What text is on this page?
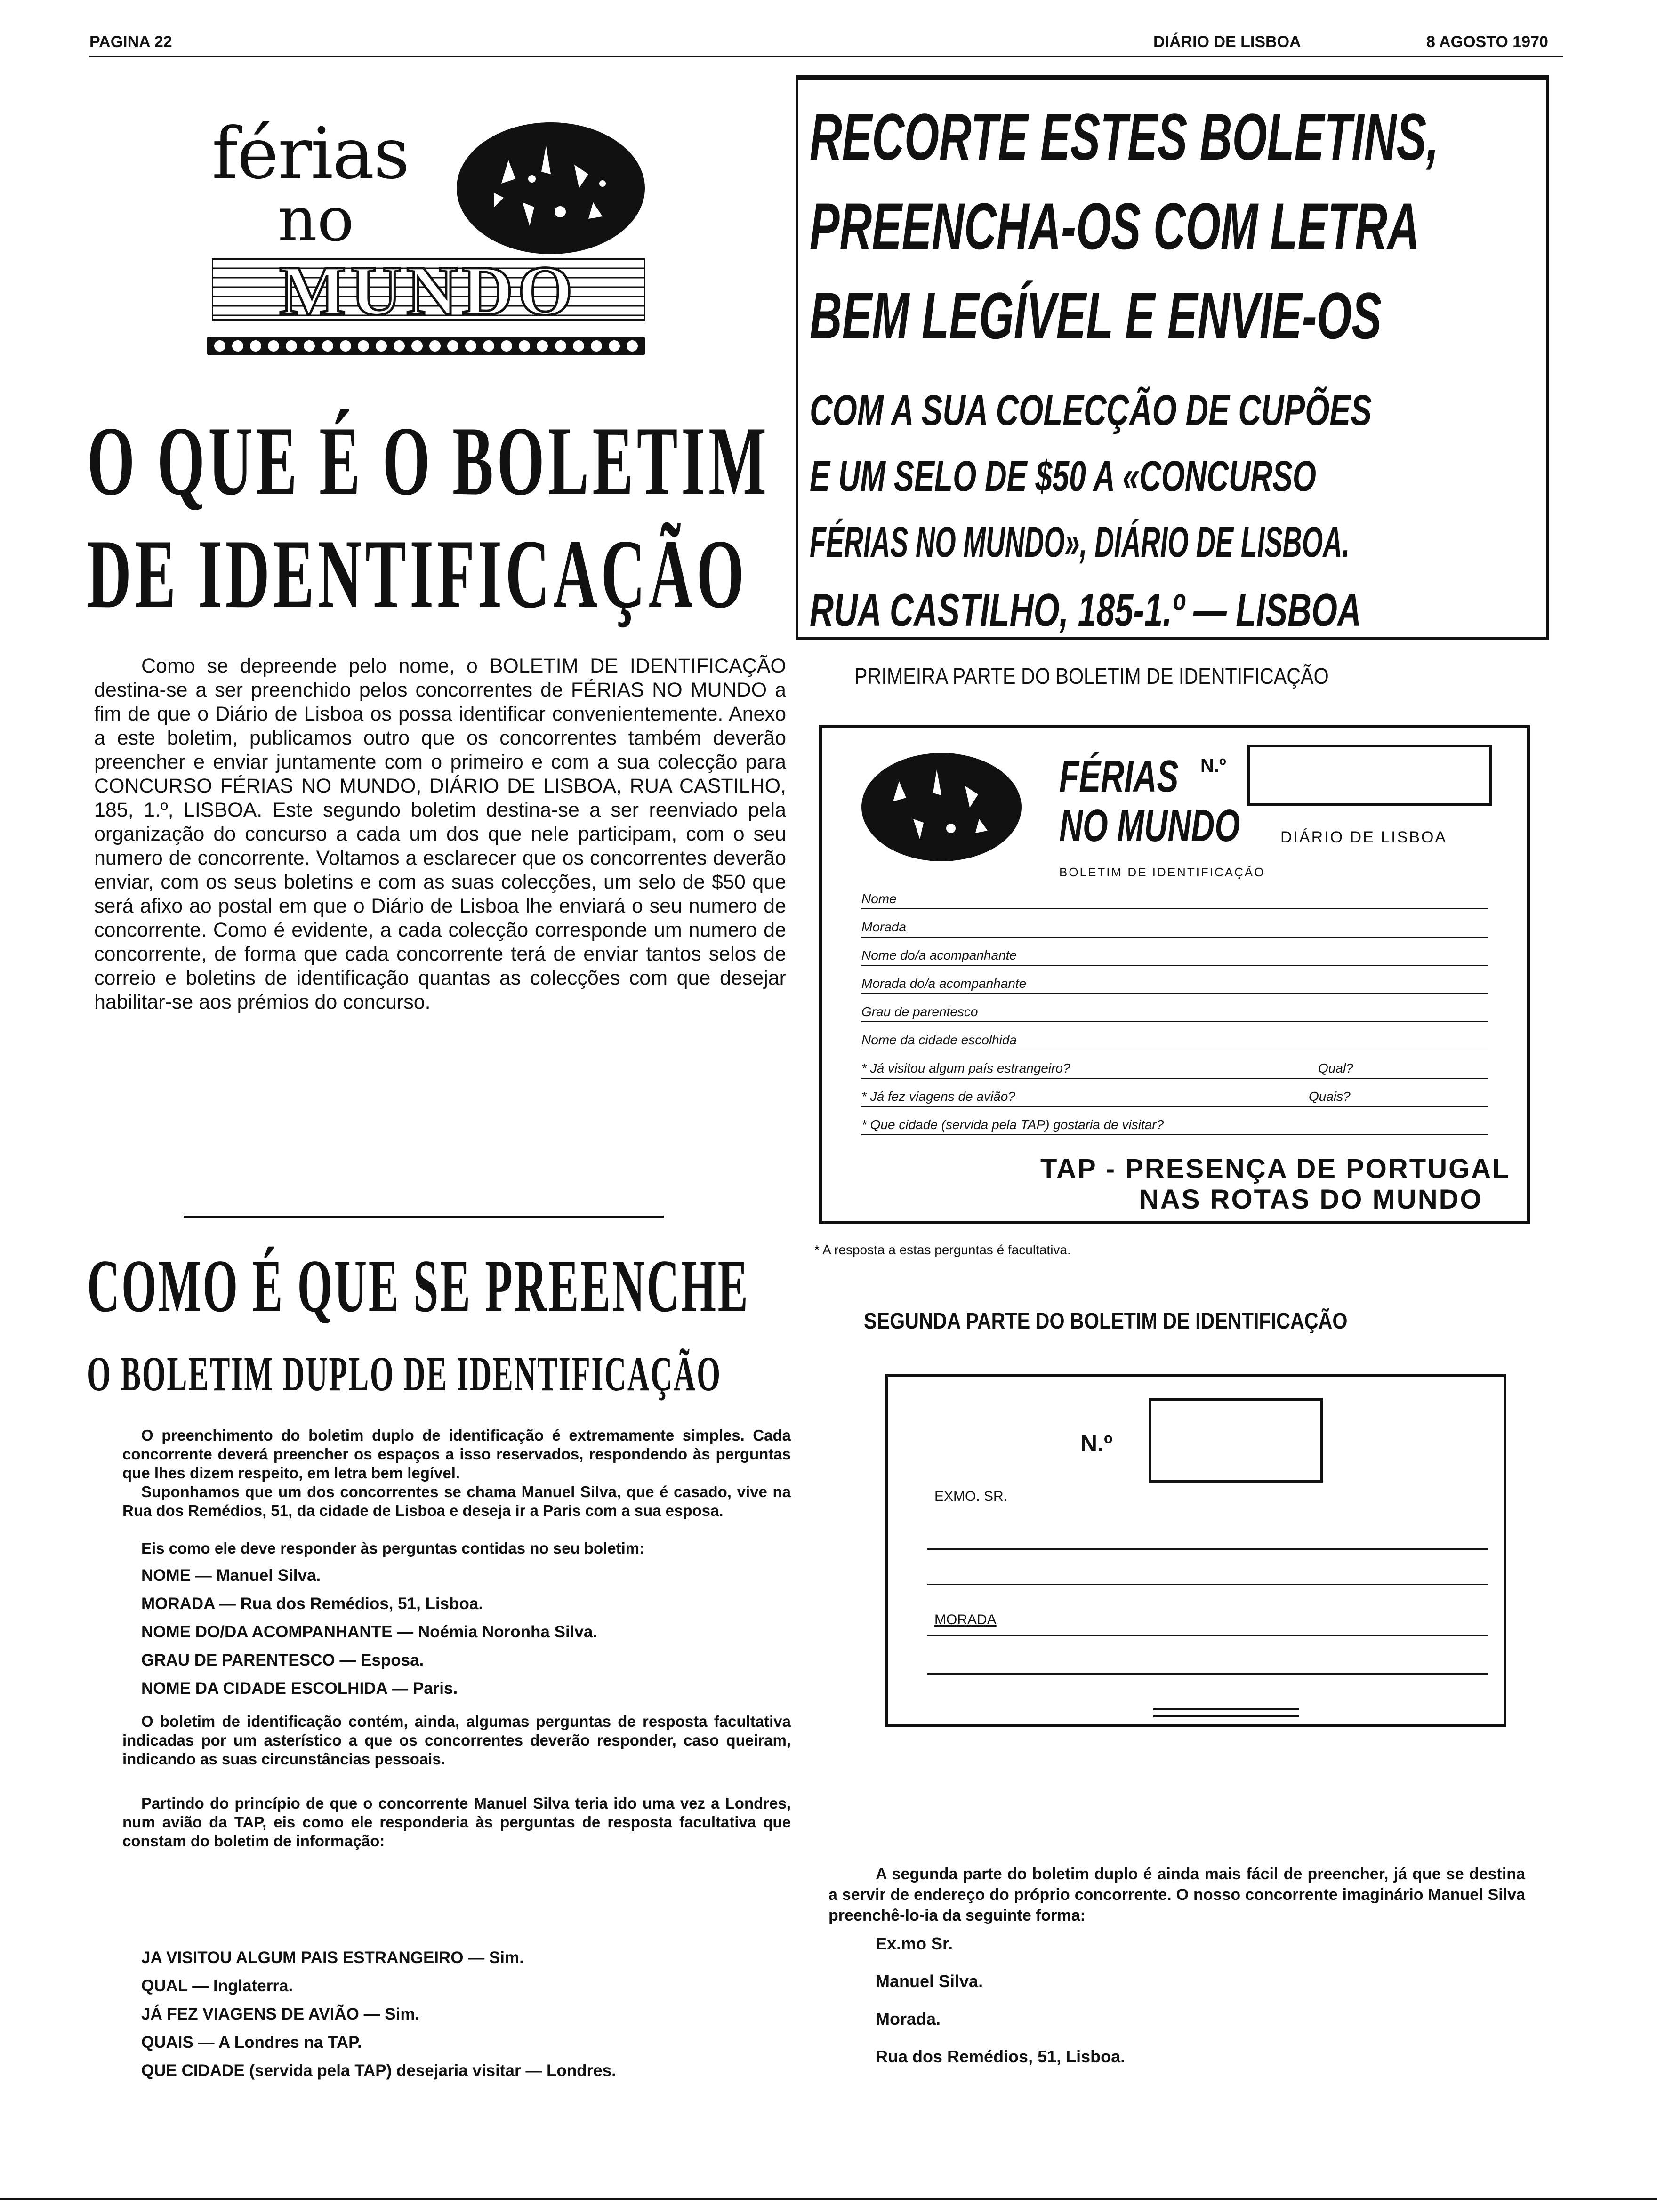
PAGINA 22	DIÁRIO DE LISBOA	8 AGOSTO 1970
férias
no
MUNDO
O QUE É O BOLETIM
DE IDENTIFICAÇÃO
Como se depreende pelo nome, o BOLETIM DE IDENTIFICAÇÃO destina-se a ser preenchido pelos concorrentes de FÉRIAS NO MUNDO a fim de que o Diário de Lisboa os possa identificar convenientemente. Anexo a este boletim, publicamos outro que os concorrentes também deverão preencher e enviar juntamente com o primeiro e com a sua colecção para CONCURSO FÉRIAS NO MUNDO, DIÁRIO DE LISBOA, RUA CASTILHO, 185, 1.º, LISBOA. Este segundo boletim destina-se a ser reenviado pela organização do concurso a cada um dos que nele participam, com o seu numero de concorrente. Voltamos a esclarecer que os concorrentes deverão enviar, com os seus boletins e com as suas colecções, um selo de $50 que será afixo ao postal em que o Diário de Lisboa lhe enviará o seu numero de concorrente. Como é evidente, a cada colecção corresponde um numero de concorrente, de forma que cada concorrente terá de enviar tantos selos de correio e boletins de identificação quantas as colecções com que desejar habilitar-se aos prémios do concurso.
COMO É QUE SE PREENCHE
O BOLETIM DUPLO DE IDENTIFICAÇÃO
O preenchimento do boletim duplo de identificação é extremamente simples. Cada concorrente deverá preencher os espaços a isso reservados, respondendo às perguntas que lhes dizem respeito, em letra bem legível.
Suponhamos que um dos concorrentes se chama Manuel Silva, que é casado, vive na Rua dos Remédios, 51, da cidade de Lisboa e deseja ir a Paris com a sua esposa.
Eis como ele deve responder às perguntas contidas no seu boletim:
NOME — Manuel Silva.
MORADA — Rua dos Remédios, 51, Lisboa.
NOME DO/DA ACOMPANHANTE — Noémia Noronha Silva.
GRAU DE PARENTESCO — Esposa.
NOME DA CIDADE ESCOLHIDA — Paris.
O boletim de identificação contém, ainda, algumas perguntas de resposta facultativa indicadas por um asterístico a que os concorrentes deverão responder, caso queiram, indicando as suas circunstâncias pessoais.
Partindo do princípio de que o concorrente Manuel Silva teria ido uma vez a Londres, num avião da TAP, eis como ele responderia às perguntas de resposta facultativa que constam do boletim de informação:
JA VISITOU ALGUM PAIS ESTRANGEIRO — Sim.
QUAL — Inglaterra.
JÁ FEZ VIAGENS DE AVIÃO — Sim.
QUAIS — A Londres na TAP.
QUE CIDADE (servida pela TAP) desejaria visitar — Londres.
RECORTE ESTES BOLETINS,
PREENCHA-OS COM LETRA
BEM LEGÍVEL E ENVIE-OS
COM A SUA COLECÇÃO DE CUPÕES
E UM SELO DE $50 A «CONCURSO
FÉRIAS NO MUNDO», DIÁRIO DE LISBOA.
RUA CASTILHO, 185-1.º — LISBOA
PRIMEIRA PARTE DO BOLETIM DE IDENTIFICAÇÃO
FÉRIAS N.º
NO MUNDO	DIÁRIO DE LISBOA
BOLETIM DE IDENTIFICAÇÃO
Nome
Morada
Nome do/a acompanhante
Morada do/a acompanhante
Grau de parentesco
Nome da cidade escolhida
* Já visitou algum país estrangeiro?	Qual?
* Já fez viagens de avião?	Quais?
* Que cidade (servida pela TAP) gostaria de visitar?
TAP - PRESENÇA DE PORTUGAL
NAS ROTAS DO MUNDO
* A resposta a estas perguntas é facultativa.
SEGUNDA PARTE DO BOLETIM DE IDENTIFICAÇÃO
N.º
EXMO. SR.
MORADA
A segunda parte do boletim duplo é ainda mais fácil de preencher, já que se destina a servir de endereço do próprio concorrente. O nosso concorrente imaginário Manuel Silva preenchê-lo-ia da seguinte forma:
Ex.mo Sr.
Manuel Silva.
Morada.
Rua dos Remédios, 51, Lisboa.
